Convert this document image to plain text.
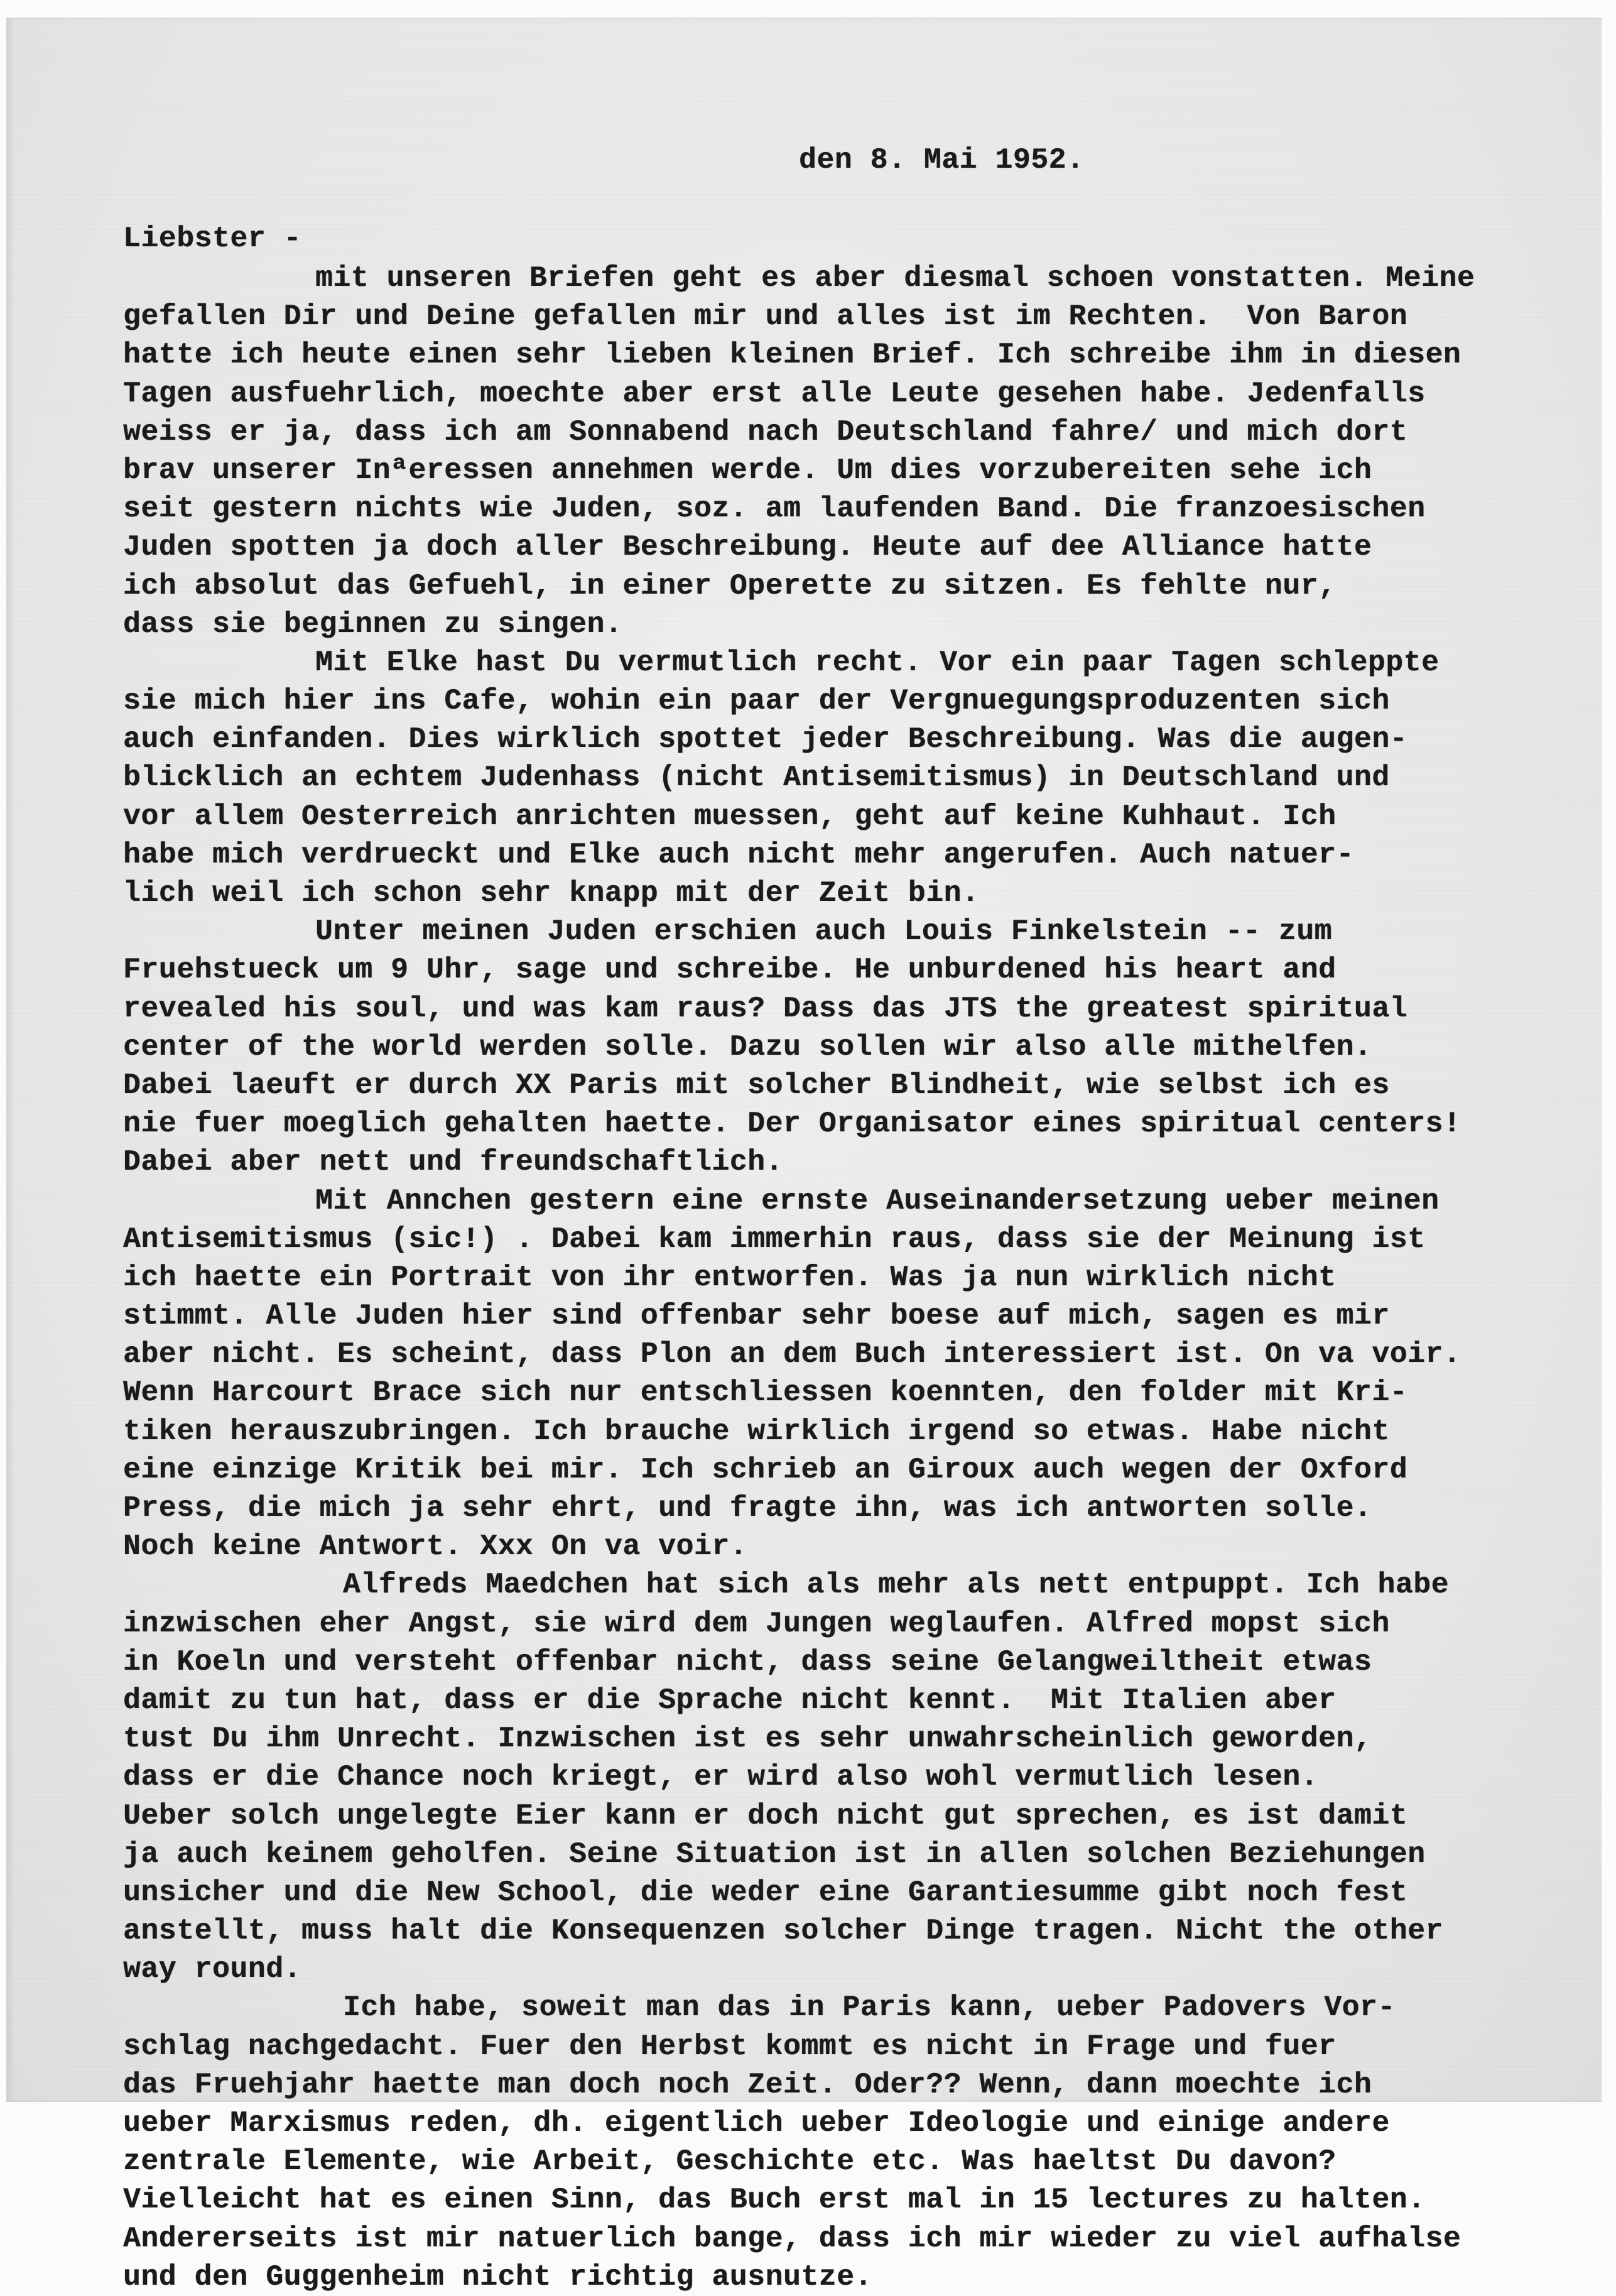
den 8. Mai 1952.
Liebster -
mit unseren Briefen geht es aber diesmal schoen vonstatten. Meine
gefallen Dir und Deine gefallen mir und alles ist im Rechten.  Von Baron
hatte ich heute einen sehr lieben kleinen Brief. Ich schreibe ihm in diesen
Tagen ausfuehrlich, moechte aber erst alle Leute gesehen habe. Jedenfalls
weiss er ja, dass ich am Sonnabend nach Deutschland fahre/ und mich dort
brav unserer Inªeressen annehmen werde. Um dies vorzubereiten sehe ich
seit gestern nichts wie Juden, soz. am laufenden Band. Die franzoesischen
Juden spotten ja doch aller Beschreibung. Heute auf dee Alliance hatte
ich absolut das Gefuehl, in einer Operette zu sitzen. Es fehlte nur,
dass sie beginnen zu singen.
Mit Elke hast Du vermutlich recht. Vor ein paar Tagen schleppte
sie mich hier ins Cafe, wohin ein paar der Vergnuegungsproduzenten sich
auch einfanden. Dies wirklich spottet jeder Beschreibung. Was die augen-
blicklich an echtem Judenhass (nicht Antisemitismus) in Deutschland und
vor allem Oesterreich anrichten muessen, geht auf keine Kuhhaut. Ich
habe mich verdrueckt und Elke auch nicht mehr angerufen. Auch natuer-
lich weil ich schon sehr knapp mit der Zeit bin.
Unter meinen Juden erschien auch Louis Finkelstein -- zum
Fruehstueck um 9 Uhr, sage und schreibe. He unburdened his heart and
revealed his soul, und was kam raus? Dass das JTS the greatest spiritual
center of the world werden solle. Dazu sollen wir also alle mithelfen.
Dabei laeuft er durch XX Paris mit solcher Blindheit, wie selbst ich es
nie fuer moeglich gehalten haette. Der Organisator eines spiritual centers!
Dabei aber nett und freundschaftlich.
Mit Annchen gestern eine ernste Auseinandersetzung ueber meinen
Antisemitismus (sic!) . Dabei kam immerhin raus, dass sie der Meinung ist
ich haette ein Portrait von ihr entworfen. Was ja nun wirklich nicht
stimmt. Alle Juden hier sind offenbar sehr boese auf mich, sagen es mir
aber nicht. Es scheint, dass Plon an dem Buch interessiert ist. On va voir.
Wenn Harcourt Brace sich nur entschliessen koennten, den folder mit Kri-
tiken herauszubringen. Ich brauche wirklich irgend so etwas. Habe nicht
eine einzige Kritik bei mir. Ich schrieb an Giroux auch wegen der Oxford
Press, die mich ja sehr ehrt, und fragte ihn, was ich antworten solle.
Noch keine Antwort. Xxx On va voir.
Alfreds Maedchen hat sich als mehr als nett entpuppt. Ich habe
inzwischen eher Angst, sie wird dem Jungen weglaufen. Alfred mopst sich
in Koeln und versteht offenbar nicht, dass seine Gelangweiltheit etwas
damit zu tun hat, dass er die Sprache nicht kennt.  Mit Italien aber
tust Du ihm Unrecht. Inzwischen ist es sehr unwahrscheinlich geworden,
dass er die Chance noch kriegt, er wird also wohl vermutlich lesen.
Ueber solch ungelegte Eier kann er doch nicht gut sprechen, es ist damit
ja auch keinem geholfen. Seine Situation ist in allen solchen Beziehungen
unsicher und die New School, die weder eine Garantiesumme gibt noch fest
anstellt, muss halt die Konsequenzen solcher Dinge tragen. Nicht the other
way round.
Ich habe, soweit man das in Paris kann, ueber Padovers Vor-
schlag nachgedacht. Fuer den Herbst kommt es nicht in Frage und fuer
das Fruehjahr haette man doch noch Zeit. Oder?? Wenn, dann moechte ich
ueber Marxismus reden, dh. eigentlich ueber Ideologie und einige andere
zentrale Elemente, wie Arbeit, Geschichte etc. Was haeltst Du davon?
Vielleicht hat es einen Sinn, das Buch erst mal in 15 lectures zu halten.
Andererseits ist mir natuerlich bange, dass ich mir wieder zu viel aufhalse
und den Guggenheim nicht richtig ausnutze.
